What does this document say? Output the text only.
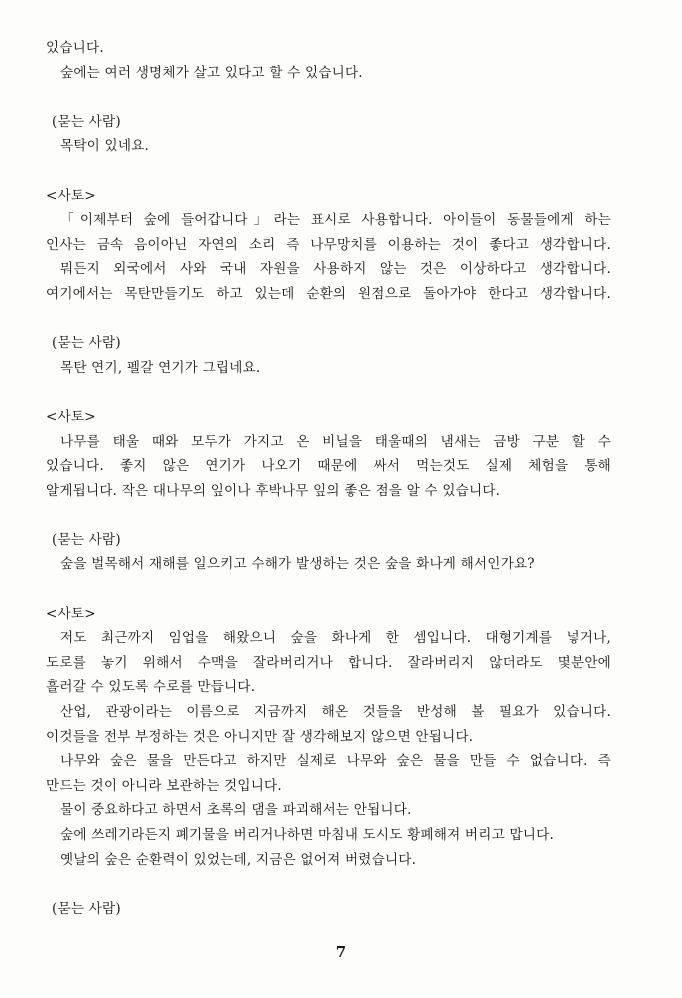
있습니다.
숲에는 여러 생명체가 살고 있다고 할 수 있습니다.
(묻는 사람)
목탁이 있네요.
<사토>
「이제부터 숲에 들어갑니다」라는 표시로 사용합니다. 아이들이 동물들에게 하는
인사는 금속 음이아닌 자연의 소리 즉 나무망치를 이용하는 것이 좋다고 생각합니다.
뭐든지 외국에서 사와 국내 자원을 사용하지 않는 것은 이상하다고 생각합니다.
여기에서는 목탄만들기도 하고 있는데 순환의 원점으로 돌아가야 한다고 생각합니다.
(묻는 사람)
목탄 연기, 펠갈 연기가 그립네요.
<사토>
나무를 태울 때와 모두가 가지고 온 비닐을 태울때의 냄새는 금방 구분 할 수
있습니다. 좋지 않은 연기가 나오기 때문에 싸서 먹는것도 실제 체험을 통해
알게됩니다. 작은 대나무의 잎이나 후박나무 잎의 좋은 점을 알 수 있습니다.
(묻는 사람)
숲을 벌목해서 재해를 일으키고 수해가 발생하는 것은 숲을 화나게 해서인가요?
<사토>
저도 최근까지 임업을 해왔으니 숲을 화나게 한 셈입니다. 대형기계를 넣거나,
도로를 놓기 위해서 수맥을 잘라버리거나 합니다. 잘라버리지 않더라도 몇분안에
흘러갈 수 있도록 수로를 만듭니다.
산업, 관광이라는 이름으로 지금까지 해온 것들을 반성해 볼 필요가 있습니다.
이것들을 전부 부정하는 것은 아니지만 잘 생각해보지 않으면 안됩니다.
나무와 숲은 물을 만든다고 하지만 실제로 나무와 숲은 물을 만들 수 없습니다. 즉
만드는 것이 아니라 보관하는 것입니다.
물이 중요하다고 하면서 초록의 댐을 파괴해서는 안됩니다.
숲에 쓰레기라든지 폐기물을 버리거나하면 마침내 도시도 황폐해져 버리고 맙니다.
옛날의 숲은 순환력이 있었는데, 지금은 없어져 버렸습니다.
(묻는 사람)
7
